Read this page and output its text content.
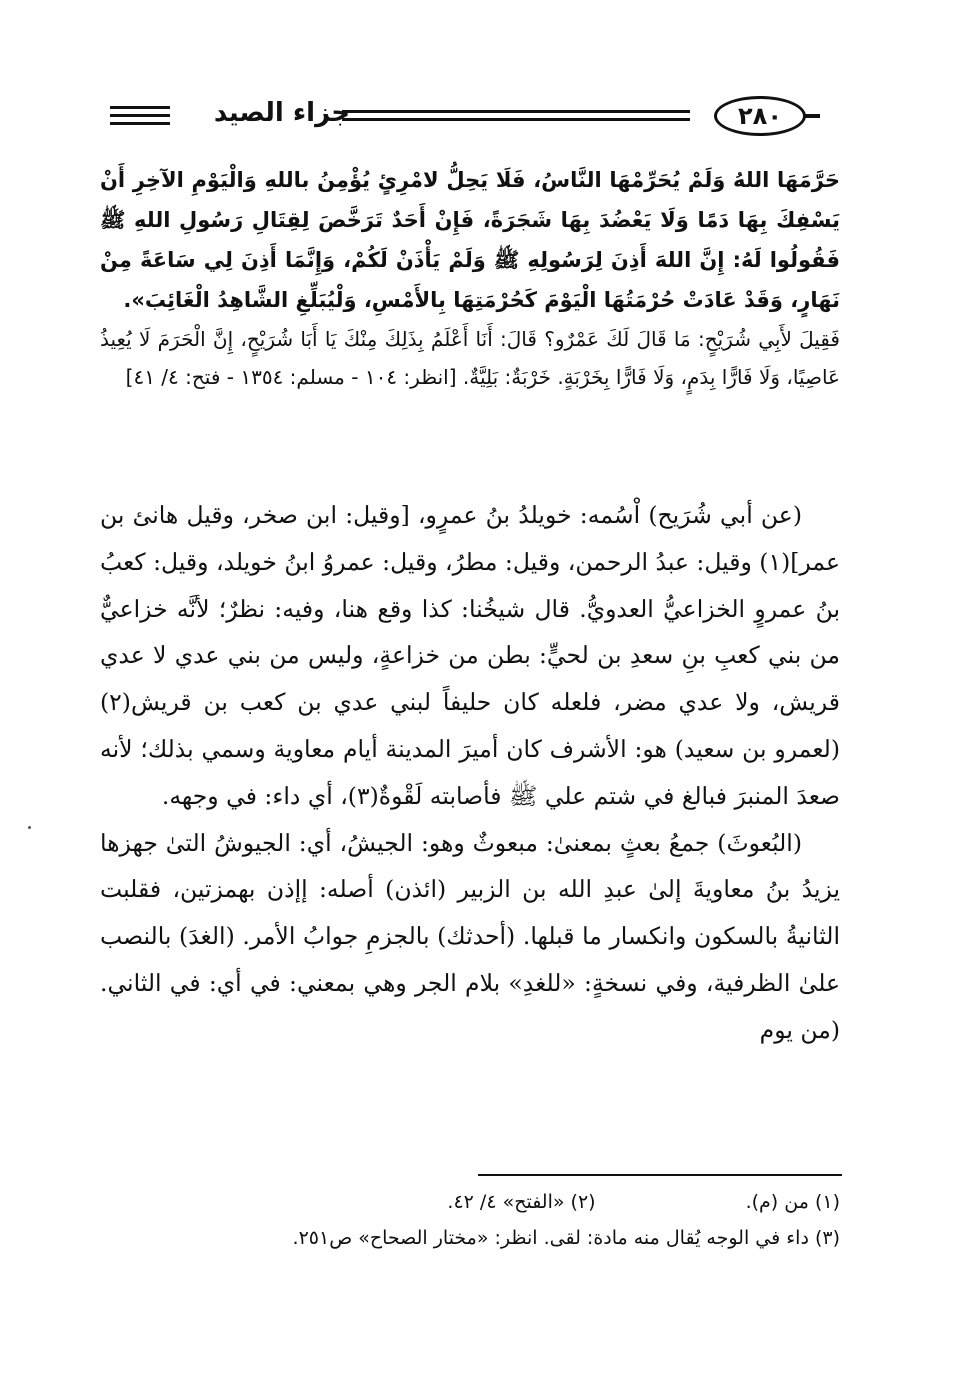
جزاء الصيد	٢٨٠

حَرَّمَهَا اللهُ وَلَمْ يُحَرِّمْهَا النَّاسُ، فَلَا يَحِلُّ لامْرِئٍ يُؤْمِنُ باللهِ وَالْيَوْمِ الآخِرِ أَنْ يَسْفِكَ بِهَا دَمًا وَلَا يَعْضُدَ بِهَا شَجَرَةً، فَإِنْ أَحَدٌ تَرَخَّصَ لِقِتَالِ رَسُولِ اللهِ ﷺ فَقُولُوا لَهُ: إِنَّ اللهَ أَذِنَ لِرَسُولِهِ ﷺ وَلَمْ يَأْذَنْ لَكُمْ، وَإِنَّمَا أَذِنَ لِي سَاعَةً مِنْ نَهَارٍ، وَقَدْ عَادَتْ حُرْمَتُهَا الْيَوْمَ كَحُرْمَتِهَا بِالأَمْسِ، وَلْيُبَلِّغِ الشَّاهِدُ الْغَائِبَ».

فَقِيلَ لأَبِي شُرَيْحٍ: مَا قَالَ لَكَ عَمْرٌو؟ قَالَ: أَنَا أَعْلَمُ بِذَلِكَ مِنْكَ يَا أَبَا شُرَيْحٍ، إِنَّ الْحَرَمَ لَا يُعِيذُ عَاصِيًا، وَلَا فَارًّا بِدَمٍ، وَلَا فَارًّا بِخَرْبَةٍ. خَرْبَةٌ: بَلِيَّةٌ. [انظر: ١٠٤ - مسلم: ١٣٥٤ - فتح: ٤/ ٤١]

(عن أبي شُرَيح) اْسُمه: خويلدُ بنُ عمرٍو، [وقيل: ابن صخر، وقيل هانئ بن عمر](١) وقيل: عبدُ الرحمن، وقيل: مطرُ، وقيل: عمروُ ابنُ خويلد، وقيل: كعبُ بنُ عمروٍ الخزاعيُّ العدويُّ. قال شيخُنا: كذا وقع هنا، وفيه: نظرٌ؛ لأنَّه خزاعيٌّ من بني كعبِ بنِ سعدِ بن لحيٍّ: بطن من خزاعةٍ، وليس من بني عدي لا عدي قريش، ولا عدي مضر، فلعله كان حليفاً لبني عدي بن كعب بن قريش(٢) (لعمرو بن سعيد) هو: الأشرف كان أميرَ المدينة أيام معاوية وسمي بذلك؛ لأنه صعدَ المنبرَ فبالغ في شتم علي ﷺ فأصابته لَقْوةٌ(٣)، أي داء: في وجهه.

(البُعوثَ) جمعُ بعثٍ بمعنىٰ: مبعوثٌ وهو: الجيشُ، أي: الجيوشُ التىٰ جهزها يزيدُ بنُ معاويةَ إلىٰ عبدِ الله بن الزبير (ائذن) أصله: إإذن بهمزتين، فقلبت الثانيةُ بالسكون وانكسار ما قبلها. (أحدثك) بالجزمِ جوابُ الأمر. (الغدَ) بالنصب علىٰ الظرفية، وفي نسخةٍ: «للغدِ» بلام الجر وهي بمعني: في أي: في الثاني. (من يوم

(١) من (م).
(٢) «الفتح» ٤/ ٤٢.
(٣) داء في الوجه يُقال منه مادة: لقى. انظر: «مختار الصحاح» ص٢٥١.
